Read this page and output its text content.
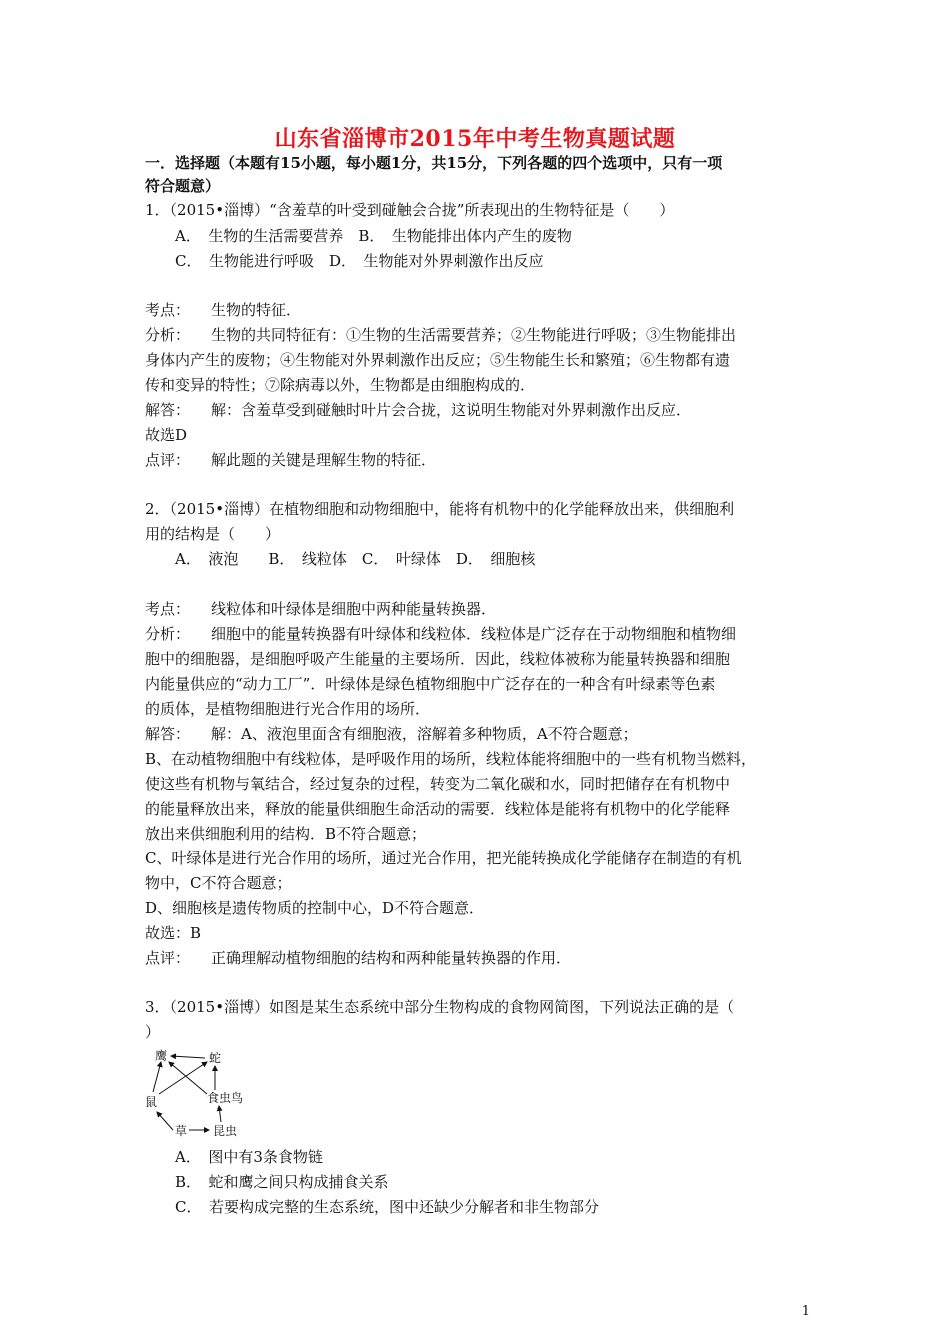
山东省淄博市2015年中考生物真题试题
一．选择题（本题有15小题，每小题1分，共15分，下列各题的四个选项中，只有一项
符合题意）
1．（2015•淄博）“含羞草的叶受到碰触会合拢”所表现出的生物特征是（　　）
A．　生物的生活需要营养　B．　生物能排出体内产生的废物
C．　生物能进行呼吸　D．　生物能对外界刺激作出反应
考点： 生物的特征．
分析： 生物的共同特征有：①生物的生活需要营养；②生物能进行呼吸；③生物能排出
身体内产生的废物；④生物能对外界刺激作出反应；⑤生物能生长和繁殖；⑥生物都有遗
传和变异的特性；⑦除病毒以外，生物都是由细胞构成的．
解答： 解：含羞草受到碰触时叶片会合拢，这说明生物能对外界刺激作出反应．
故选D
点评： 解此题的关键是理解生物的特征．
2．（2015•淄博）在植物细胞和动物细胞中，能将有机物中的化学能释放出来，供细胞利
用的结构是（　　）
A．　液泡　　B．　线粒体　C．　叶绿体　D．　细胞核
考点： 线粒体和叶绿体是细胞中两种能量转换器．
分析： 细胞中的能量转换器有叶绿体和线粒体．线粒体是广泛存在于动物细胞和植物细
胞中的细胞器，是细胞呼吸产生能量的主要场所．因此，线粒体被称为能量转换器和细胞
内能量供应的“动力工厂”．叶绿体是绿色植物细胞中广泛存在的一种含有叶绿素等色素
的质体，是植物细胞进行光合作用的场所．
解答： 解：A、液泡里面含有细胞液，溶解着多种物质，A不符合题意；
B、在动植物细胞中有线粒体，是呼吸作用的场所，线粒体能将细胞中的一些有机物当燃料，
使这些有机物与氧结合，经过复杂的过程，转变为二氧化碳和水，同时把储存在有机物中
的能量释放出来，释放的能量供细胞生命活动的需要．线粒体是能将有机物中的化学能释
放出来供细胞利用的结构．B不符合题意；
C、叶绿体是进行光合作用的场所，通过光合作用，把光能转换成化学能储存在制造的有机
物中，C不符合题意；
D、细胞核是遗传物质的控制中心，D不符合题意．
故选：B
点评： 正确理解动植物细胞的结构和两种能量转换器的作用．
3．（2015•淄博）如图是某生态系统中部分生物构成的食物网简图，下列说法正确的是（
）
鹰	蛇
鼠	食虫鸟
草 昆虫
A．　图中有3条食物链
B．　蛇和鹰之间只构成捕食关系
C．　若要构成完整的生态系统，图中还缺少分解者和非生物部分
1
